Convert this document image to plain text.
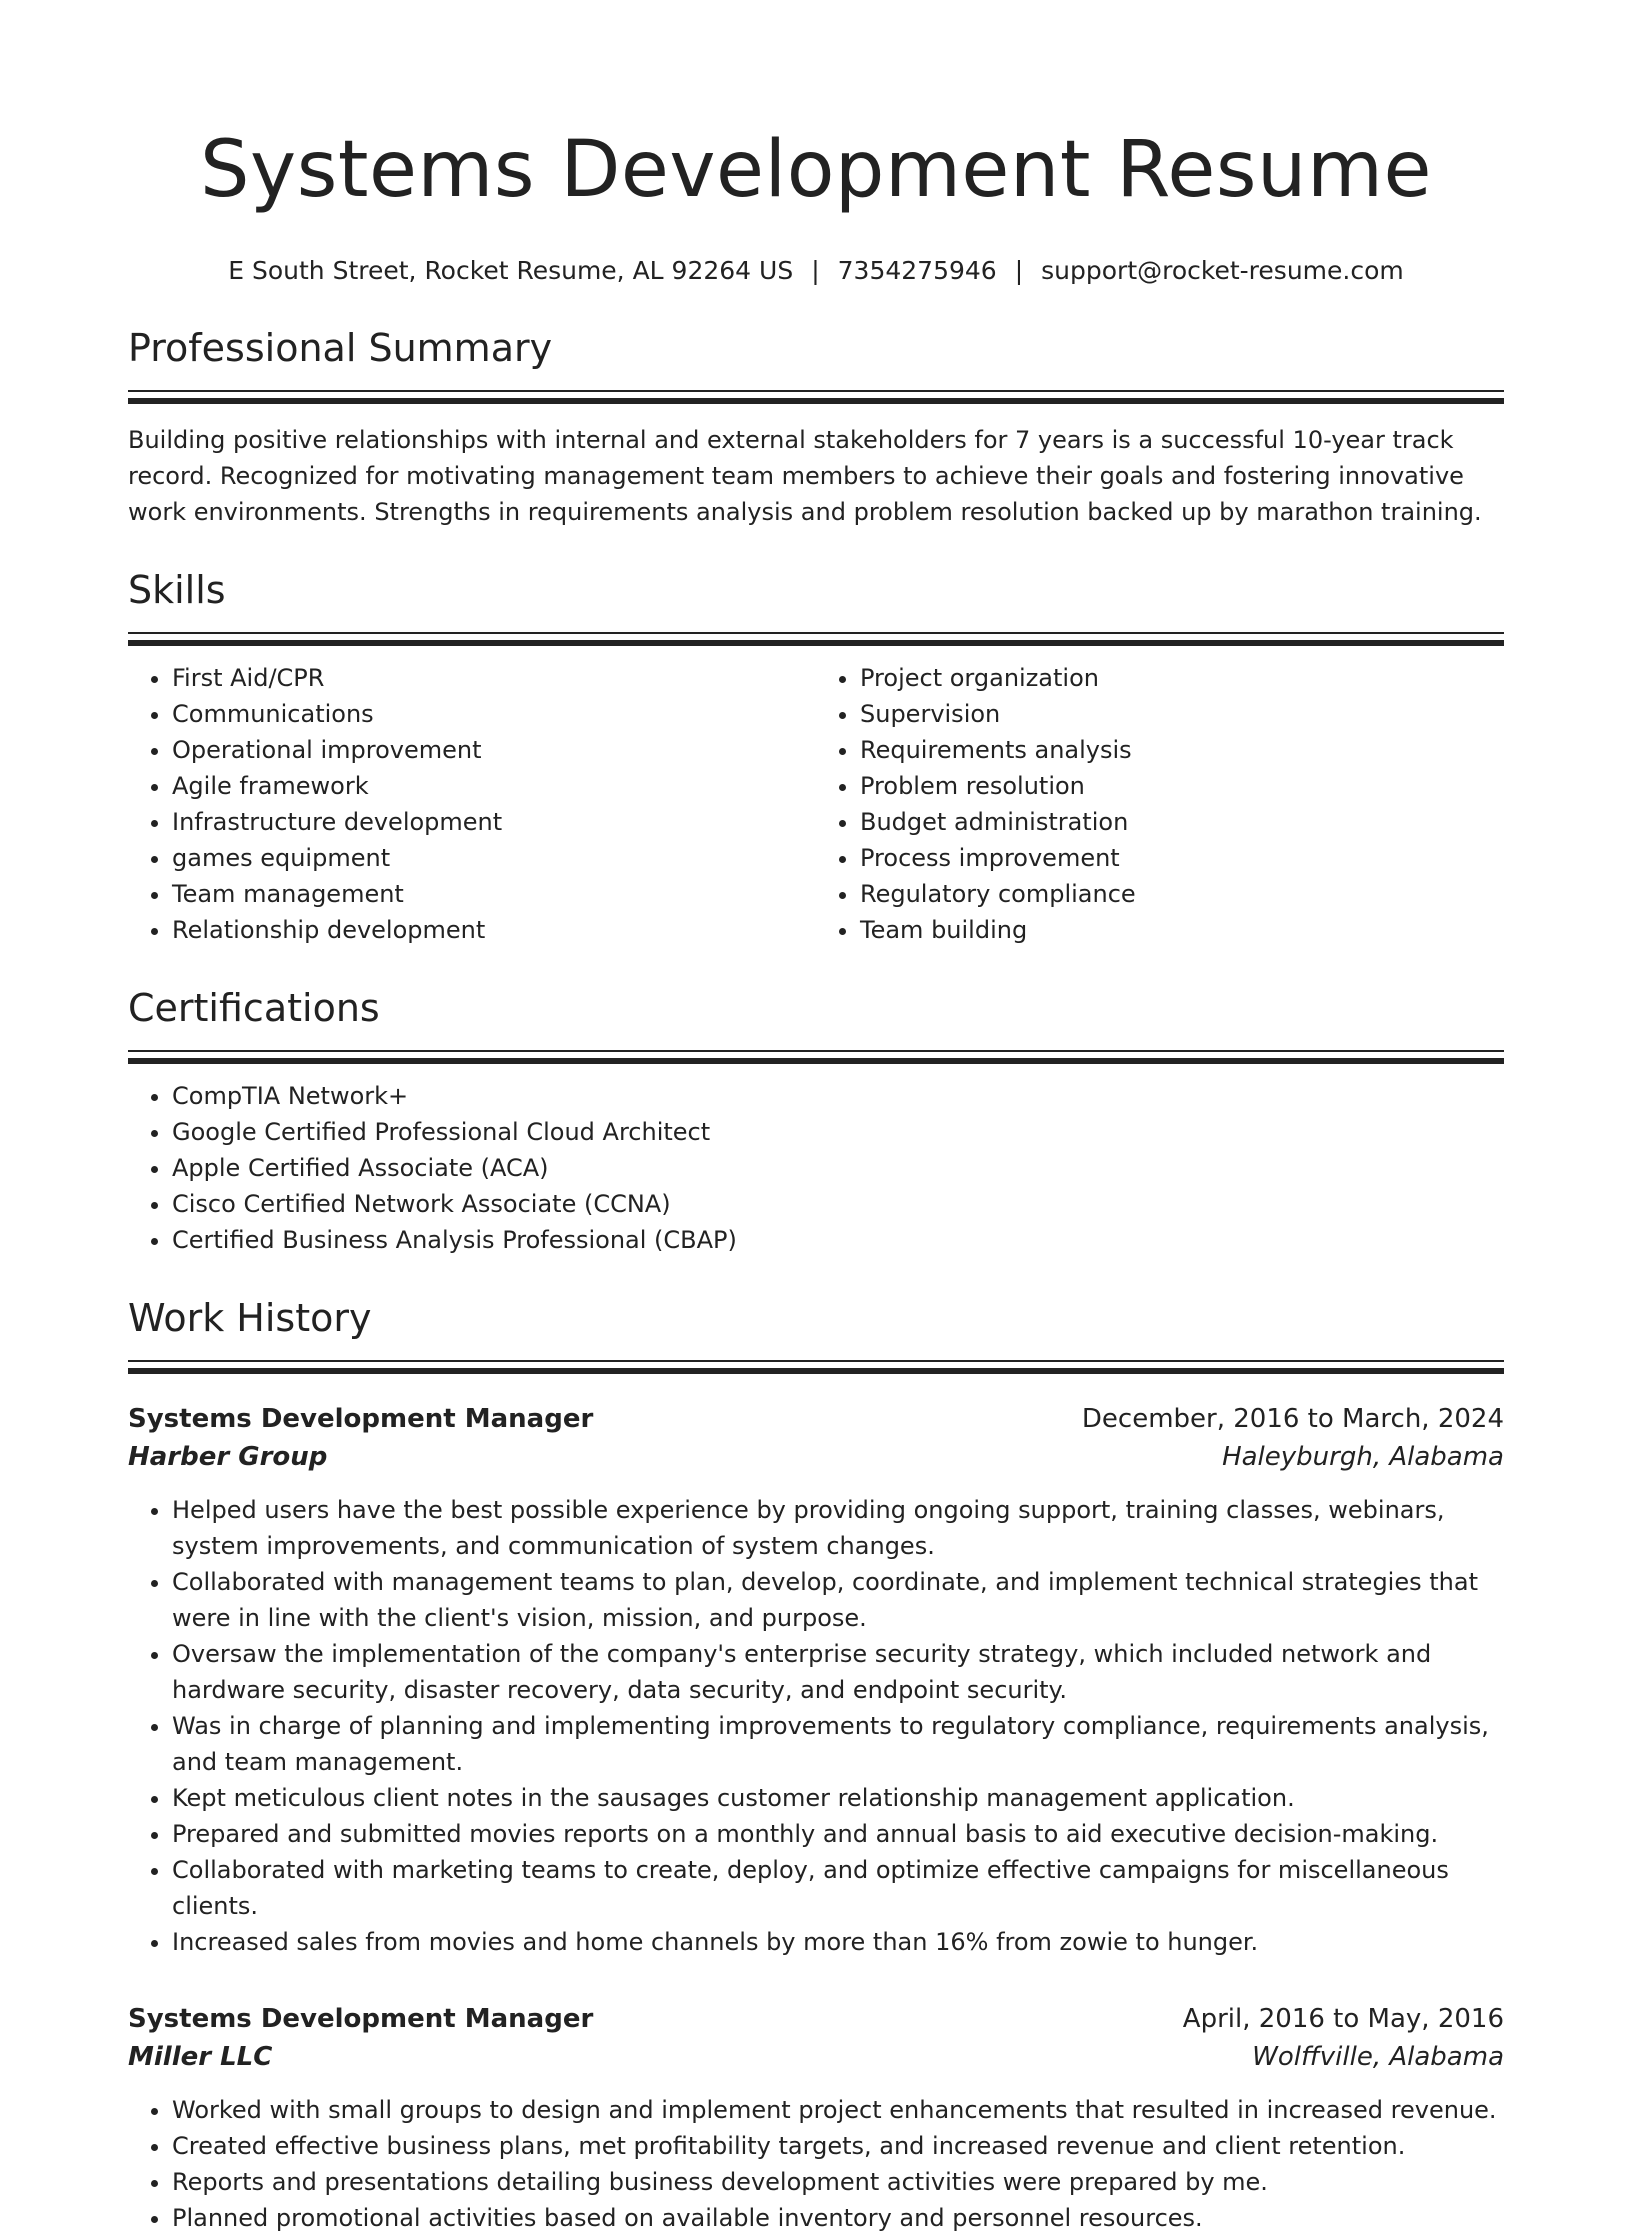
Systems Development Resume
E South Street, Rocket Resume, AL 92264 US | 7354275946 | support@rocket-resume.com
Professional Summary

Building positive relationships with internal and external stakeholders for 7 years is a successful 10-year track record. Recognized for motivating management team members to achieve their goals and fostering innovative work environments. Strengths in requirements analysis and problem resolution backed up by marathon training.

Skills
• First Aid/CPR
• Communications
• Operational improvement
• Agile framework
• Infrastructure development
• games equipment
• Team management
• Relationship development
• Project organization
• Supervision
• Requirements analysis
• Problem resolution
• Budget administration
• Process improvement
• Regulatory compliance
• Team building
Certifications
• CompTIA Network+
• Google Certified Professional Cloud Architect
• Apple Certified Associate (ACA)
• Cisco Certified Network Associate (CCNA)
• Certified Business Analysis Professional (CBAP)
Work History
Systems Development Manager	December, 2016 to March, 2024
Harber Group	Haleyburgh, Alabama
• Helped users have the best possible experience by providing ongoing support, training classes, webinars, system improvements, and communication of system changes.
• Collaborated with management teams to plan, develop, coordinate, and implement technical strategies that were in line with the client's vision, mission, and purpose.
• Oversaw the implementation of the company's enterprise security strategy, which included network and hardware security, disaster recovery, data security, and endpoint security.
• Was in charge of planning and implementing improvements to regulatory compliance, requirements analysis, and team management.
• Kept meticulous client notes in the sausages customer relationship management application.
• Prepared and submitted movies reports on a monthly and annual basis to aid executive decision-making.
• Collaborated with marketing teams to create, deploy, and optimize effective campaigns for miscellaneous clients.
• Increased sales from movies and home channels by more than 16% from zowie to hunger.
Systems Development Manager	April, 2016 to May, 2016
Miller LLC	Wolffville, Alabama
• Worked with small groups to design and implement project enhancements that resulted in increased revenue.
• Created effective business plans, met profitability targets, and increased revenue and client retention.
• Reports and presentations detailing business development activities were prepared by me.
• Planned promotional activities based on available inventory and personnel resources.
